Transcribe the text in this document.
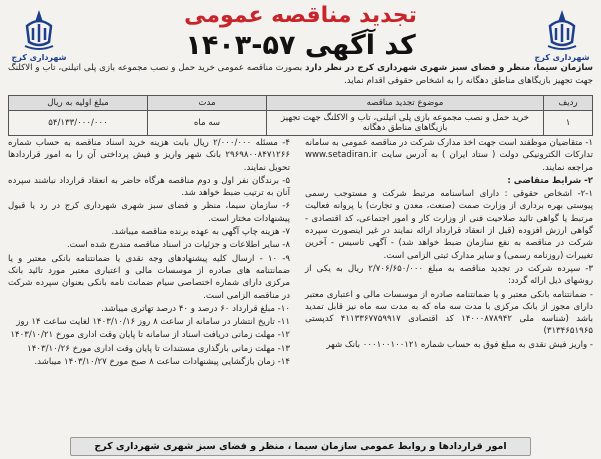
شهرداری کرج	شهرداری کرج
تجدید مناقصه عمومی
کد آگهی ۵۷-۱۴۰۳
سازمان سیما، منظر و فضای سبز شهری شهرداری کرج در نظر دارد بصورت مناقصه عمومی خرید حمل و نصب مجموعه بازی پلی اتیلنی، تاب و الاکلنگ جهت تجهیز بازیگاهای مناطق دهگانه را به اشخاص حقوقی اقدام نماید.
ردیف	موضوع تجدید مناقصه	مدت	مبلغ اولیه به ریال
۱	خرید حمل و نصب مجموعه بازی پلی اتیلنی، تاب و الاکلنگ جهت تجهیز بازیگاهای مناطق دهگانه	سه ماه	۵۴/۱۳۳/۰۰۰/۰۰۰

۱- متقاضیان موظفند است جهت اخذ مدارک شرکت در مناقصه عمومی به سامانه تدارکات الکترونیکی دولت ( ستاد ایران ) به آدرس سایت www.setadiran.ir مراجعه نمایند.

۲- شرایط متقاضی :

۲-۱- اشخاص حقوقی : دارای اساسنامه مرتبط شرکت و مستوجب رسمی پیوستی بهره برداری از وزارت صمت (صنعت، معدن و تجارت) با پروانه فعالیت مرتبط یا گواهی تائید صلاحیت فنی از وزارت کار و امور اجتماعی، کد اقتصادی - گواهی ارزش افزوده (قبل از انعقاد قرارداد ارائه نمایند در غیر اینصورت سپرده شرکت در مناقصه به نفع سازمان ضبط خواهد شد) - آگهی تاسیس - آخرین تغییرات (روزنامه رسمی) و سایر مدارک ثبتی الزامی است.

۳- سپرده شرکت در تجدید مناقصه به مبلغ ۲/۷۰۶/۶۵۰/۰۰۰ ریال به یکی از روشهای ذیل ارائه گردد:

- ضمانتنامه بانکی معتبر و یا ضمانتنامه صادره از موسسات مالی و اعتباری معتبر دارای مجوز از بانک مرکزی با مدت سه ماه که به مدت سه ماه نیز قابل تمدید باشد (شناسه ملی ۱۴۰۰۰۸۷۸۹۴۲ کد اقتصادی ۴۱۱۳۳۶۷۷۵۹۹۱۷ کدپستی ۳۱۳۴۶۵۱۹۶۵)

- واریز فیش نقدی به مبلغ فوق به حساب شماره ۰۰۰۱۰۰۱۰۰۱۲۱ بانک شهر

۴- مسئله ۲/۰۰۰/۰۰۰ ریال بابت هزینه خرید اسناد مناقصه به حساب شماره ۲۹۶۹۸۰۰۸۴۷۱۲۶۶ بانک شهر واریز و فیش پرداختی آن را به امور قراردادها تحویل نمایند.

۵- برندگان نفر اول و دوم مناقصه هرگاه حاضر به انعقاد قرارداد نباشند سپرده آنان به ترتیب ضبط خواهد شد.

۶- سازمان سیما، منظر و فضای سبز شهری شهرداری کرج در رد یا قبول پیشنهادات مختار است.

۷- هزینه چاپ آگهی به عهده برنده مناقصه میباشد.

۸- سایر اطلاعات و جزئیات در اسناد مناقصه مندرج شده است.

۹- ۱۰ - ارسال کلیه پیشنهادهای وجه نقدی یا ضمانتنامه بانکی معتبر و یا ضمانتنامه های صادره از موسسات مالی و اعتباری معتبر مورد تائید بانک مرکزی دارای شماره اختصاصی سیام ضمانت نامه بانکی بعنوان سپرده شرکت در مناقصه الزامی است.

۱۰- مبلغ قرارداد ۶۰ درصد و ۴۰ درصد تهاتری میباشد.

۱۱- تاریخ انتشار در سامانه از ساعت ۸ روز ۱۴۰۳/۱۰/۱۶ لغایت ساعت ۱۴ روز

۱۲- مهلت زمانی دریافت اسناد از سامانه تا پایان وقت اداری مورخ ۱۴۰۳/۱۰/۲۱

۱۳- مهلت زمانی بارگذاری مستندات تا پایان وقت اداری مورخ ۱۴۰۳/۱۰/۲۶

۱۴- زمان بازگشایی پیشنهادات ساعت ۸ صبح مورخ ۱۴۰۳/۱۰/۲۷ میباشد.

امور قراردادها و روابط عمومی سازمان سیما ، منظر و فضای سبز شهری شهرداری کرج
